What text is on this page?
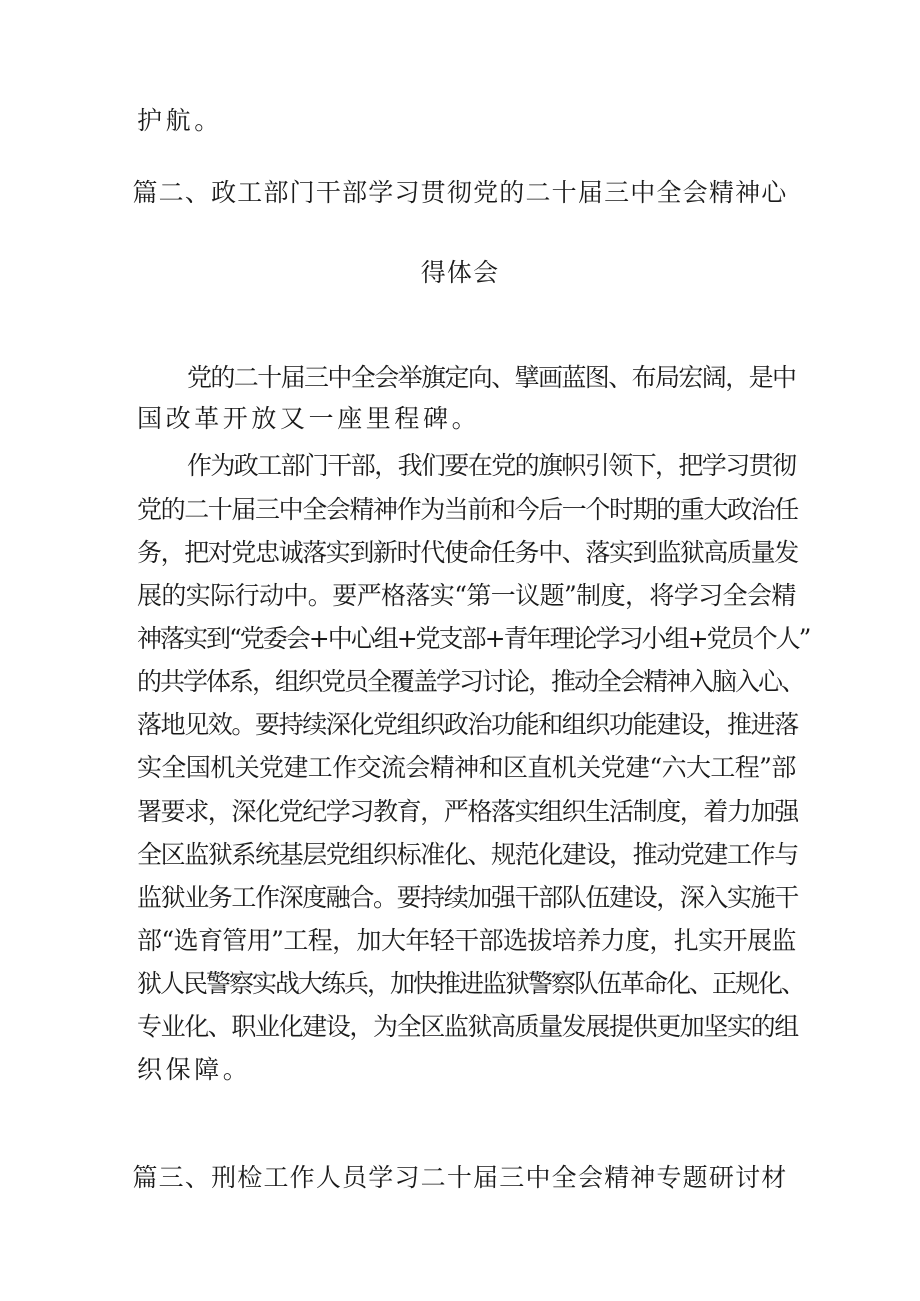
护航。
篇二、政工部门干部学习贯彻党的二十届三中全会精神心
得体会
党的二十届三中全会举旗定向、擘画蓝图、布局宏阔，是中
国改革开放又一座里程碑。
作为政工部门干部，我们要在党的旗帜引领下，把学习贯彻
党的二十届三中全会精神作为当前和今后一个时期的重大政治任
务，把对党忠诚落实到新时代使命任务中、落实到监狱高质量发
展的实际行动中。要严格落实“第一议题”制度，将学习全会精
神落实到“党委会+中心组+党支部+青年理论学习小组+党员个人”
的共学体系，组织党员全覆盖学习讨论，推动全会精神入脑入心、
落地见效。要持续深化党组织政治功能和组织功能建设，推进落
实全国机关党建工作交流会精神和区直机关党建“六大工程”部
署要求，深化党纪学习教育，严格落实组织生活制度，着力加强
全区监狱系统基层党组织标准化、规范化建设，推动党建工作与
监狱业务工作深度融合。要持续加强干部队伍建设，深入实施干
部“选育管用”工程，加大年轻干部选拔培养力度，扎实开展监
狱人民警察实战大练兵，加快推进监狱警察队伍革命化、正规化、
专业化、职业化建设，为全区监狱高质量发展提供更加坚实的组
织保障。
篇三、刑检工作人员学习二十届三中全会精神专题研讨材
